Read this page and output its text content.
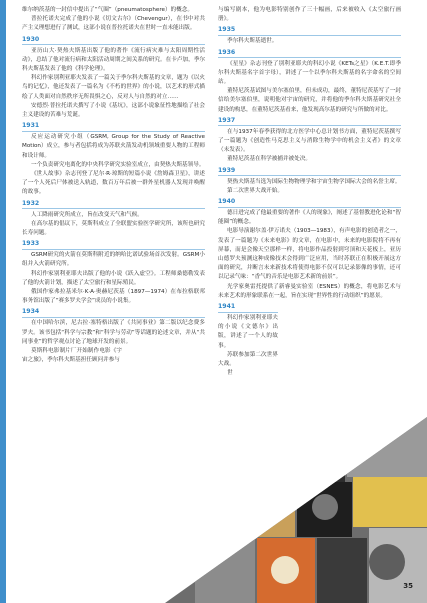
维尔纳茨基的一封信中提出了“气圈”（pneumatosphere）的概念。

普拉托诺夫完成了他的小说《切文古尔》（Chevengur），在书中对共产主义理想进行了测试，这部小说在普拉托诺夫在世时一直未能出版。

1930

亚历山大·契热夫斯基出版了他的著作《流行病灾难与太阳周期性活动》，总结了他对流行病和太阳活动周期之间关系的研究。在卡卢加，季尔科夫斯基发表了他的《科学伦理》。

科幻作家别利亚耶夫发表了一篇关于季尔科夫斯基的文章，题为《以火鸟的记忆》，他还发表了一篇名为《不朽的世界》的小说，以艺术的形式描绘了人类面对自然秩序无所畏惧之心，反对人与自然的对立……

安德烈·普拉托诺夫撰写了小说《基坑》，这部小说象征性地描绘了社会主义建设的苦难与荒诞。

1931

反应运动研究小组（GSRM, Group for the Study of Reactive Motion）成立，参与者包括将成为苏联火箭发动机领域重要人物的工程师和设计师。

一个负责研究电离化的中央科学研究实验室成立，由契热夫斯基领导。

《世人故事》杂志刊登了尼尔·R·琼斯的短篇小说《詹姆森卫星》，讲述了一个人死后尸体被送入轨道，数百万年后被一群外星机器人发现并唤醒的故事。

1932

人工降雨研究所成立，旨在改变天气和气候。

在高尔基的倡议下，莫斯科成立了全联盟实验医学研究所，该所也研究长寿问题。

1933

GSRM研究的火箭在莫斯科附近的纳哈比诺试验场首次发射。GSRM小组并入火箭研究所。

科幻作家别利亚耶夫出版了他的小说《跃入虚空》。工程师桑德勒发表了他的火箭计划，描述了太空旅行和星际殖民。

俄国作家弗拉基米尔·K·A·奥赫尼茨基（1897—1974）在布拉格联邦事务馆出版了“赛多罗夫学会”成员的小说集。

1934

在中国哈尔滨，尼古拉·塞特格出版了《共同事业》第二版以纪念费多罗夫。该书包括“科学与宗教”和“科学与劳动”等话题的论述文章，并从“共同事业”的哲学观点讨论了地球开发的前景。

莫斯科电影制片厂开始制作电影《宇宙之旅》，季尔科夫斯基担任顾问并参与

与编写剧本，他为电影特别创作了三十幅画，后来被收入《太空旅行画册》。

1935

季尔科夫斯基逝世。

1936

《星星》杂志刊登了别利亚耶夫的科幻小说《KETs之星》（K.E.T.即季尔科夫斯基名字首字母），讲述了一个以季尔科夫斯基的名字命名的空间站。

董特尼茨基试图与美尔塞伯里，但未成功，最终，董特尼茨基写了一封信给美尔塞伯里，说明他对宇宙的研究，并将他的季尔科夫斯基研究社全建设的构思，在董特尼茨基看来，他发现高尔基的研究与所做的对比。

1937

在与1937年春季获得的北方医学中心总计划书方面，董特尼茨基撰写了一篇题为《创造性马克思主义与消除生物学中的机会主义者》的文章（未发表）。

董特尼茨基在科学被捕并被处决。

1939

契热夫斯基当选为国际生物物理学和宇宙生物学国际大会的名誉主席。

第二次世界大战开始。

1940

德日进完成了他最重要的著作《人的现象》，阐述了基督教进化论和“智能圈”的概念。

电影导演谢尔盖·伊万诺夫（1903—1983），有声电影的创造者之一，发表了一篇题为《未来电影》的文章，在电影中，未来的电影院将不再有屏幕，而是会像天空那样一样，将电影作品投射到穹顶和天花板上，亚历山德罗夫预测这种成像技术会得到广泛应用，当时苏联正在积极开展这方面的研究，并断言未来新技术将使得电影不仅可以记录影像的事情，还可以记录气味：“香气的音乐是电影艺术新的前景”。

光学家奥雷托提供了新睿曼实验室（ESNES）的概念，将电影艺术与未来艺术的形象联系在一起，旨在实现“世界性的行动组织”的愿景。

1941

科幻作家别利亚耶夫的小说《文德尔》出版，讲述了一个人的故事。

苏联参加第二次世界大战。

世

35
